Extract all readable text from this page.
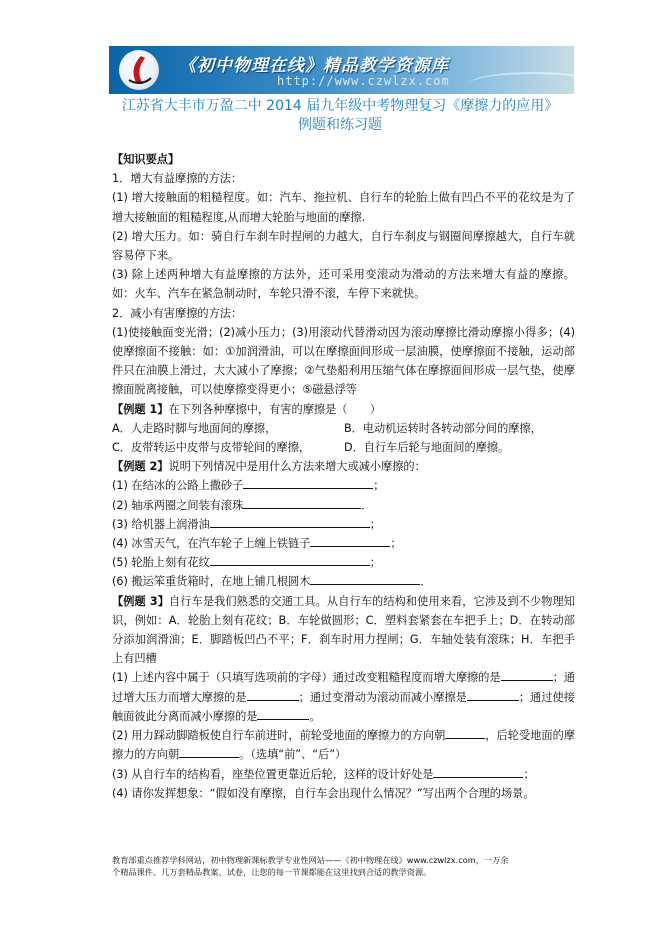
《初中物理在线》精品教学资源库
http://www.czwlzx.com
江苏省大丰市万盈二中 2014 届九年级中考物理复习《摩擦力的应用》
例题和练习题

【知识要点】

1．增大有益摩擦的方法：

(1) 增大接触面的粗糙程度。如：汽车、拖拉机、自行车的轮胎上做有凹凸不平的花纹是为了增大接触面的粗糙程度,从而增大轮胎与地面的摩擦.

(2) 增大压力。如：骑自行车刹车时捏闸的力越大，自行车刹皮与钢圈间摩擦越大，自行车就容易停下来。

(3) 除上述两种增大有益摩擦的方法外，还可采用变滚动为滑动的方法来增大有益的摩擦。如：火车、汽车在紧急制动时，车轮只滑不滚，车停下来就快。

2．减小有害摩擦的方法：

(1)使接触面变光滑；(2)减小压力；(3)用滚动代替滑动因为滚动摩擦比滑动摩擦小得多；(4)使摩擦面不接触：如：①加润滑油，可以在摩擦面间形成一层油膜，使摩擦面不接触，运动部件只在油膜上滑过，大大减小了摩擦；②气垫船利用压缩气体在摩擦面间形成一层气垫，使摩擦面脱离接触，可以使摩擦变得更小；⑤磁悬浮等

【例题 1】在下列各种摩擦中，有害的摩擦是（　　）

A．人走路时脚与地面间的摩擦，	B．电动机运转时各转动部分间的摩擦，

C．皮带转运中皮带与皮带轮间的摩擦，	D．自行车后轮与地面间的摩擦。

【例题 2】说明下列情况中是用什么方法来增大或减小摩擦的：

(1) 在结冰的公路上撒砂子	；

(2) 轴承两圈之间装有滚珠	．

(3) 给机器上润滑油	；

(4) 冰雪天气，在汽车轮子上缠上铁链子	；

(5) 轮胎上刻有花纹	；

(6) 搬运笨重货箱时，在地上铺几根圆木	．

【例题 3】自行车是我们熟悉的交通工具。从自行车的结构和使用来看，它涉及到不少物理知识，例如：A．轮胎上刻有花纹；B．车轮做圆形；C．塑料套紧套在车把手上；D．在转动部分添加润滑油；E．脚踏板凹凸不平；F．刹车时用力捏闸；G．车轴处装有滚珠；H．车把手上有凹槽

(1) 上述内容中属于（只填写选项前的字母）通过改变粗糙程度而增大摩擦的是	；通过增大压力而增大摩擦的是	；通过变滑动为滚动而减小摩擦是	；通过使接触面彼此分离而减小摩擦的是	。

(2) 用力踩动脚踏板使自行车前进时，前轮受地面的摩擦力的方向朝	，后轮受地面的摩擦力的方向朝	。（选填“前”、“后”）

(3) 从自行车的结构看，座垫位置更靠近后轮，这样的设计好处是	；

(4) 请你发挥想象：“假如没有摩擦，自行车会出现什么情况？”写出两个合理的场景。

教育部重点推荐学科网站，初中物理新课标教学专业性网站——《初中物理在线》www.czwlzx.com，一万余
个精品课件、几万套精品教案、试卷，让您的每一节课都能在这里找到合适的教学资源。
